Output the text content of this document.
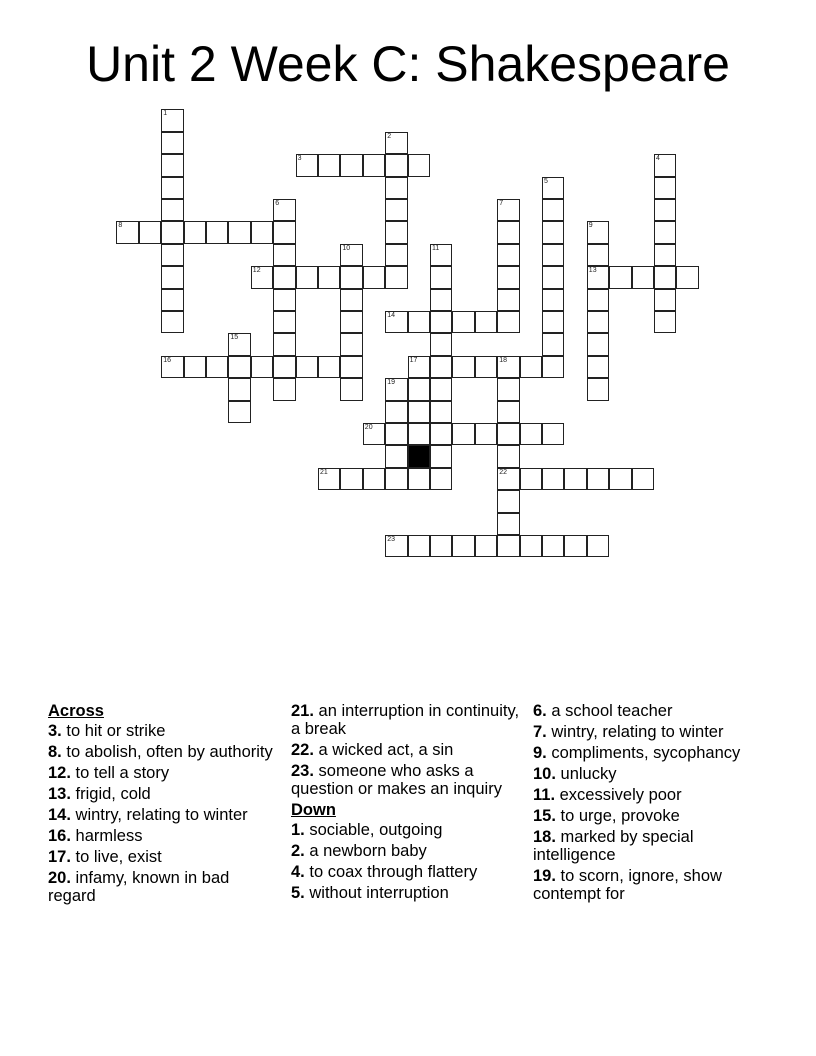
Unit 2 Week C: Shakespeare
1
2
3	4
5
6	7
8	9
13
10	11
12
14
15
16	17	18
22
19
20
21
23
Across
3. to hit or strike
8. to abolish, often by authority
12. to tell a story
13. frigid, cold
14. wintry, relating to winter
16. harmless
17. to live, exist
20. infamy, known in bad regard
21. an interruption in continuity, a break
22. a wicked act, a sin
23. someone who asks a question or makes an inquiry
Down
1. sociable, outgoing
2. a newborn baby
4. to coax through flattery
5. without interruption
6. a school teacher
7. wintry, relating to winter
9. compliments, sycophancy
10. unlucky
11. excessively poor
15. to urge, provoke
18. marked by special intelligence
19. to scorn, ignore, show contempt for
